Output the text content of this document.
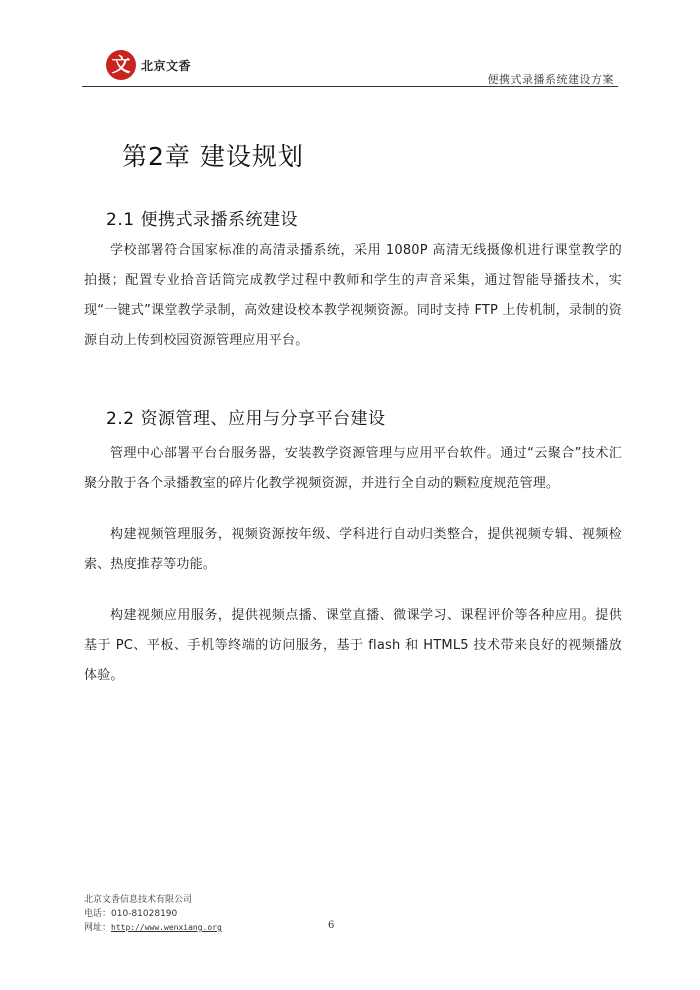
文 北京文香
便携式录播系统建设方案
第2章 建设规划
2.1 便携式录播系统建设

学校部署符合国家标准的高清录播系统，采用 1080P 高清无线摄像机进行课堂教学的拍摄；配置专业拾音话筒完成教学过程中教师和学生的声音采集，通过智能导播技术，实现“一键式”课堂教学录制，高效建设校本教学视频资源。同时支持 FTP 上传机制，录制的资源自动上传到校园资源管理应用平台。

2.2 资源管理、应用与分享平台建设

管理中心部署平台台服务器，安装教学资源管理与应用平台软件。通过“云聚合”技术汇聚分散于各个录播教室的碎片化教学视频资源，并进行全自动的颗粒度规范管理。

构建视频管理服务，视频资源按年级、学科进行自动归类整合，提供视频专辑、视频检索、热度推荐等功能。

构建视频应用服务，提供视频点播、课堂直播、微课学习、课程评价等各种应用。提供基于 PC、平板、手机等终端的访问服务，基于 flash 和 HTML5 技术带来良好的视频播放体验。

北京文香信息技术有限公司
电话：010-81028190
网址：http://www.wenxiang.org	6
